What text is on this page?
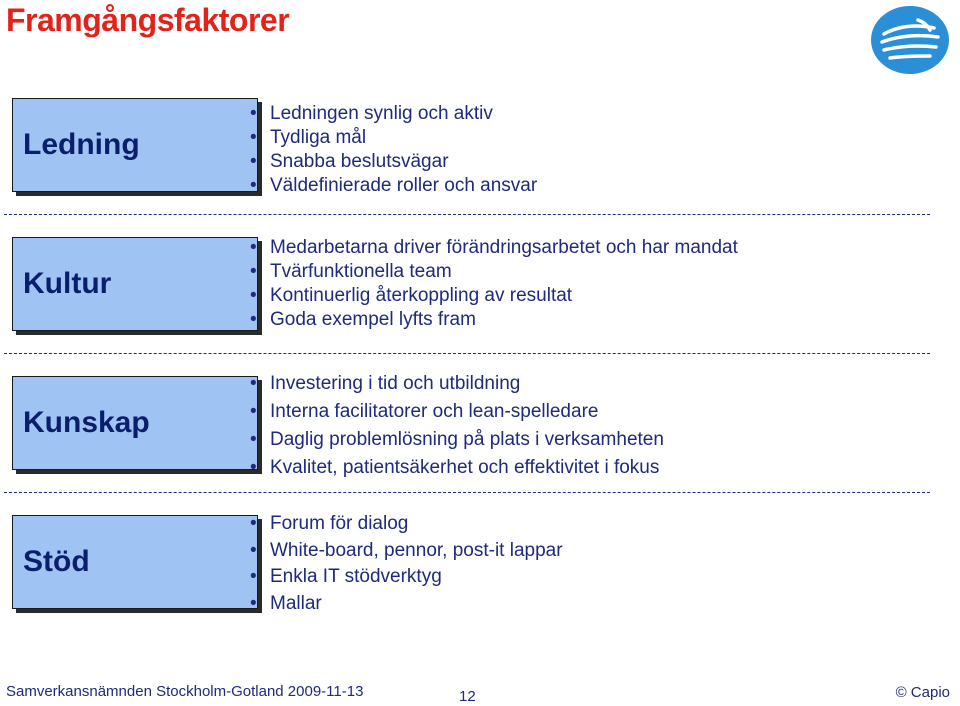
Framgångsfaktorer
Ledning
• Ledningen synlig och aktiv
• Tydliga mål
• Snabba beslutsvägar
• Väldefinierade roller och ansvar
Kultur
• Medarbetarna driver förändringsarbetet och har mandat
• Tvärfunktionella team
• Kontinuerlig återkoppling av resultat
• Goda exempel lyfts fram
Kunskap
• Investering i tid och utbildning
• Interna facilitatorer och lean-spelledare
• Daglig problemlösning på plats i verksamheten
• Kvalitet, patientsäkerhet och effektivitet i fokus
Stöd
• Forum för dialog
• White-board, pennor, post-it lappar
• Enkla IT stödverktyg
• Mallar
Samverkansnämnden Stockholm-Gotland 2009-11-13	12	© Capio
